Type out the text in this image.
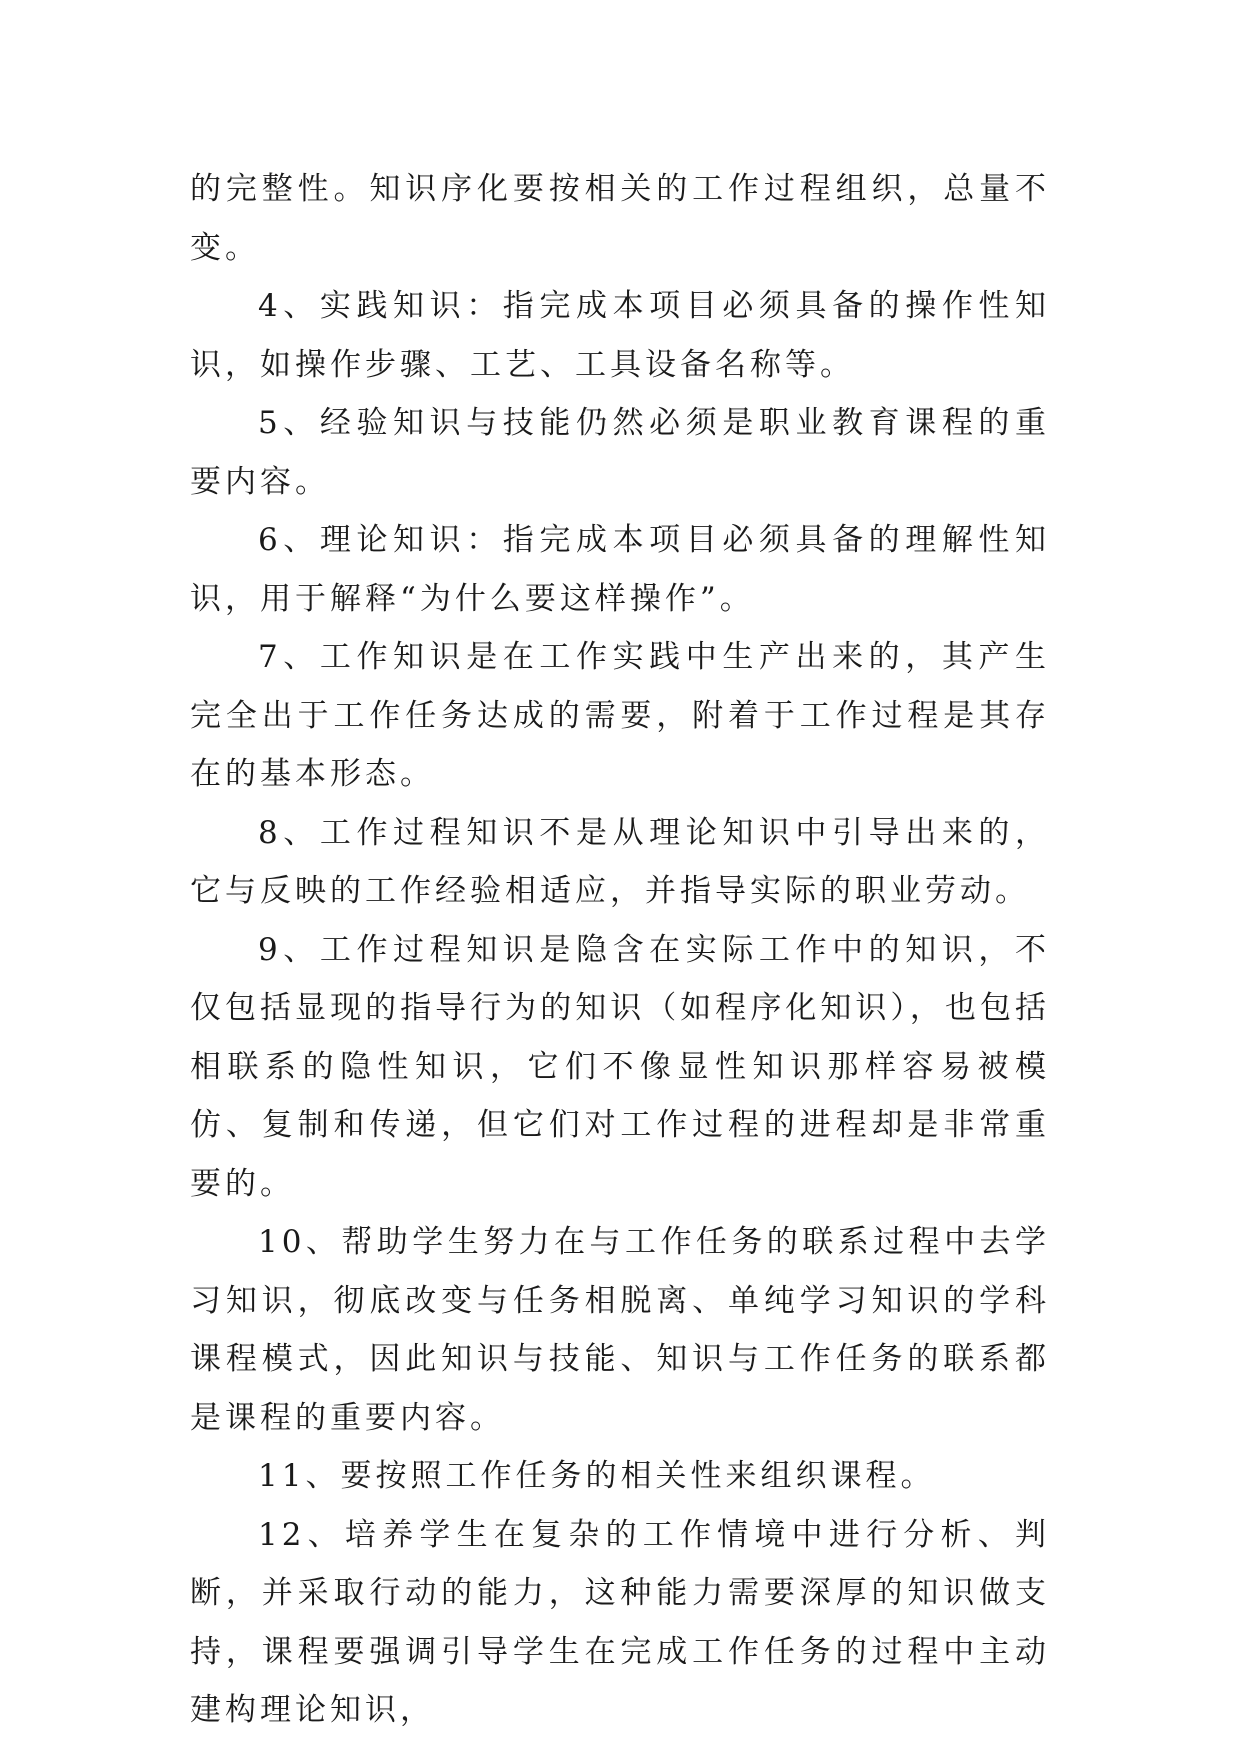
的完整性。知识序化要按相关的工作过程组织，总量不变。

4、实践知识：指完成本项目必须具备的操作性知识，如操作步骤、工艺、工具设备名称等。

5、经验知识与技能仍然必须是职业教育课程的重要内容。

6、理论知识：指完成本项目必须具备的理解性知识，用于解释“为什么要这样操作”。

7、工作知识是在工作实践中生产出来的，其产生完全出于工作任务达成的需要，附着于工作过程是其存在的基本形态。

8、工作过程知识不是从理论知识中引导出来的，它与反映的工作经验相适应，并指导实际的职业劳动。

9、工作过程知识是隐含在实际工作中的知识，不仅包括显现的指导行为的知识（如程序化知识），也包括相联系的隐性知识，它们不像显性知识那样容易被模仿、复制和传递，但它们对工作过程的进程却是非常重要的。

10、帮助学生努力在与工作任务的联系过程中去学习知识，彻底改变与任务相脱离、单纯学习知识的学科课程模式，因此知识与技能、知识与工作任务的联系都是课程的重要内容。

11、要按照工作任务的相关性来组织课程。

12、培养学生在复杂的工作情境中进行分析、判断，并采取行动的能力，这种能力需要深厚的知识做支持，课程要强调引导学生在完成工作任务的过程中主动建构理论知识，
